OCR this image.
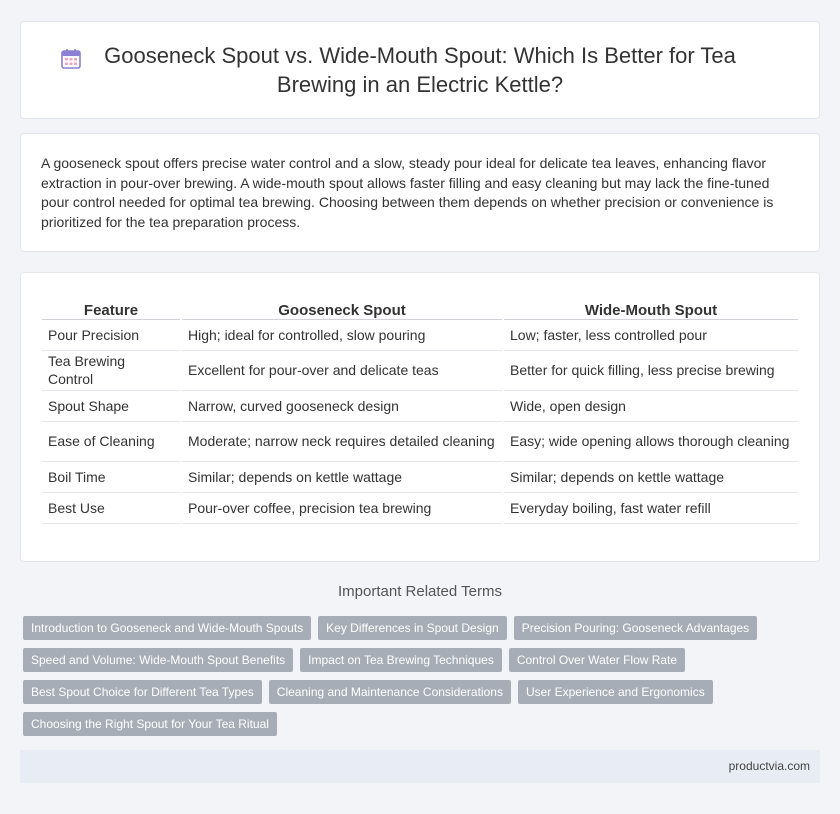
Gooseneck Spout vs. Wide-Mouth Spout: Which Is Better for Tea Brewing in an Electric Kettle?

A gooseneck spout offers precise water control and a slow, steady pour ideal for delicate tea leaves, enhancing flavor extraction in pour-over brewing. A wide-mouth spout allows faster filling and easy cleaning but may lack the fine-tuned pour control needed for optimal tea brewing. Choosing between them depends on whether precision or convenience is prioritized for the tea preparation process.

Feature	Gooseneck Spout	Wide-Mouth Spout
Pour Precision	High; ideal for controlled, slow pouring	Low; faster, less controlled pour
Tea Brewing Control	Excellent for pour-over and delicate teas	Better for quick filling, less precise brewing
Spout Shape	Narrow, curved gooseneck design	Wide, open design
Ease of Cleaning	Moderate; narrow neck requires detailed cleaning	Easy; wide opening allows thorough cleaning
Boil Time	Similar; depends on kettle wattage	Similar; depends on kettle wattage
Best Use	Pour-over coffee, precision tea brewing	Everyday boiling, fast water refill
Important Related Terms
Introduction to Gooseneck and Wide-Mouth Spouts	Key Differences in Spout Design	Precision Pouring: Gooseneck Advantages
Speed and Volume: Wide-Mouth Spout Benefits	Impact on Tea Brewing Techniques	Control Over Water Flow Rate
Best Spout Choice for Different Tea Types	Cleaning and Maintenance Considerations	User Experience and Ergonomics
Choosing the Right Spout for Your Tea Ritual
productvia.com
